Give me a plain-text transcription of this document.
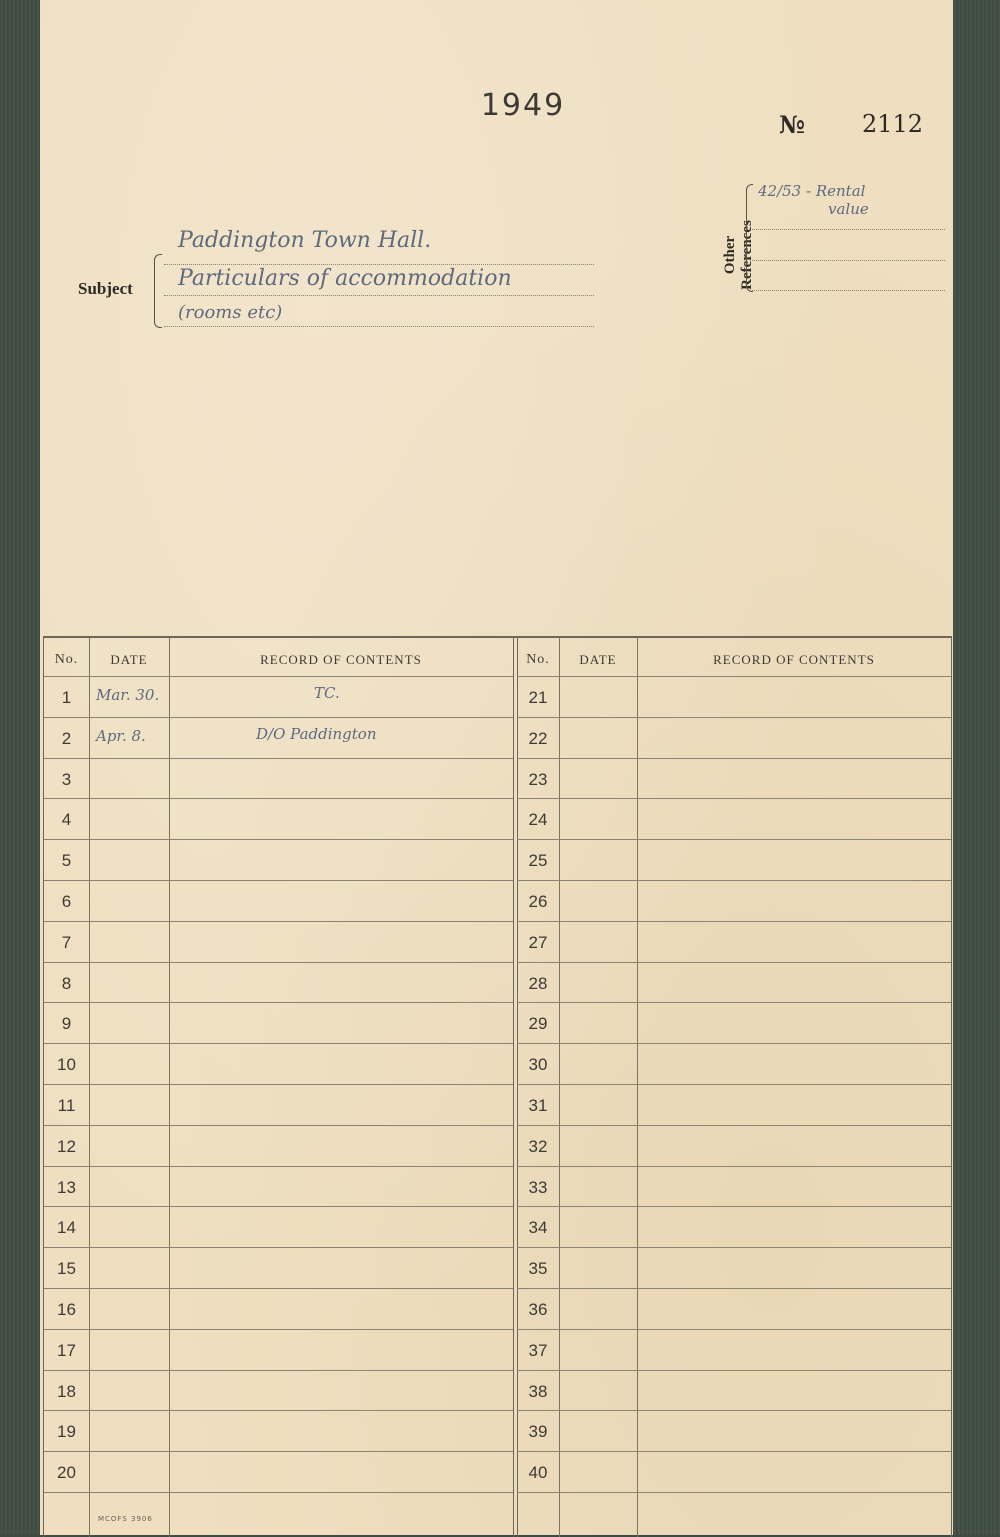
1949
№ 2112
Subject
Paddington Town Hall.
Particulars of accommodation
(rooms etc)
Other References
42/53 - Rental
value
No.	DATE	RECORD OF CONTENTS	No.	DATE	RECORD OF CONTENTS
1	Mar. 30.	TC.	21
2	Apr. 8.	D/O Paddington	22
3	23
4	24
5	25
6	26
7	27
8	28
9	29
10	30
11	31
12	32
13	33
14	34
15	35
16	36
17	37
18	38
19	39
20	40
MCOFS 3906
